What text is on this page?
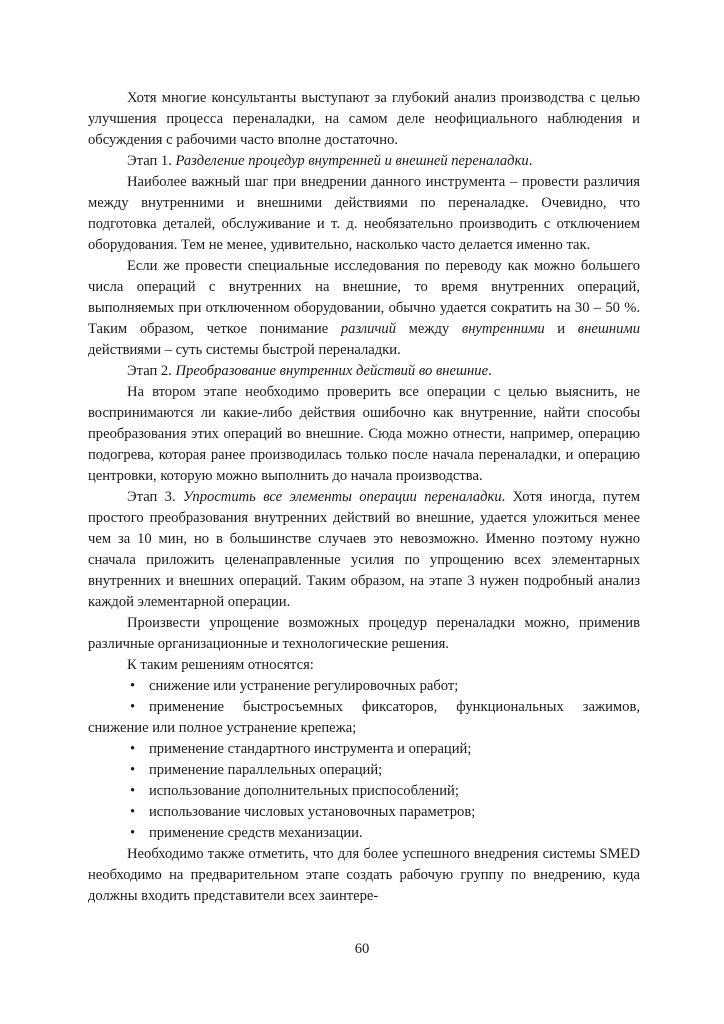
Хотя многие консультанты выступают за глубокий анализ производства с целью улучшения процесса переналадки, на самом деле неофициального наблюдения и обсуждения с рабочими часто вполне достаточно.

Этап 1. Разделение процедур внутренней и внешней переналадки.

Наиболее важный шаг при внедрении данного инструмента – провести различия между внутренними и внешними действиями по переналадке. Очевидно, что подготовка деталей, обслуживание и т. д. необязательно производить с отключением оборудования. Тем не менее, удивительно, насколько часто делается именно так.

Если же провести специальные исследования по переводу как можно большего числа операций с внутренних на внешние, то время внутренних операций, выполняемых при отключенном оборудовании, обычно удается сократить на 30 – 50 %. Таким образом, четкое понимание различий между внутренними и внешними действиями – суть системы быстрой переналадки.

Этап 2. Преобразование внутренних действий во внешние.

На втором этапе необходимо проверить все операции с целью выяснить, не воспринимаются ли какие-либо действия ошибочно как внутренние, найти способы преобразования этих операций во внешние. Сюда можно отнести, например, операцию подогрева, которая ранее производилась только после начала переналадки, и операцию центровки, которую можно выполнить до начала производства.

Этап 3. Упростить все элементы операции переналадки. Хотя иногда, путем простого преобразования внутренних действий во внешние, удается уложиться менее чем за 10 мин, но в большинстве случаев это невозможно. Именно поэтому нужно сначала приложить целенаправленные усилия по упрощению всех элементарных внутренних и внешних операций. Таким образом, на этапе 3 нужен подробный анализ каждой элементарной операции.

Произвести упрощение возможных процедур переналадки можно, применив различные организационные и технологические решения.

К таким решениям относятся:

• снижение или устранение регулировочных работ;
• применение быстросъемных фиксаторов, функциональных зажимов, снижение или полное устранение крепежа;
• применение стандартного инструмента и операций;
• применение параллельных операций;
• использование дополнительных приспособлений;
• использование числовых установочных параметров;
• применение средств механизации.

Необходимо также отметить, что для более успешного внедрения системы SMED необходимо на предварительном этапе создать рабочую группу по внедрению, куда должны входить представители всех заинтере-

60
